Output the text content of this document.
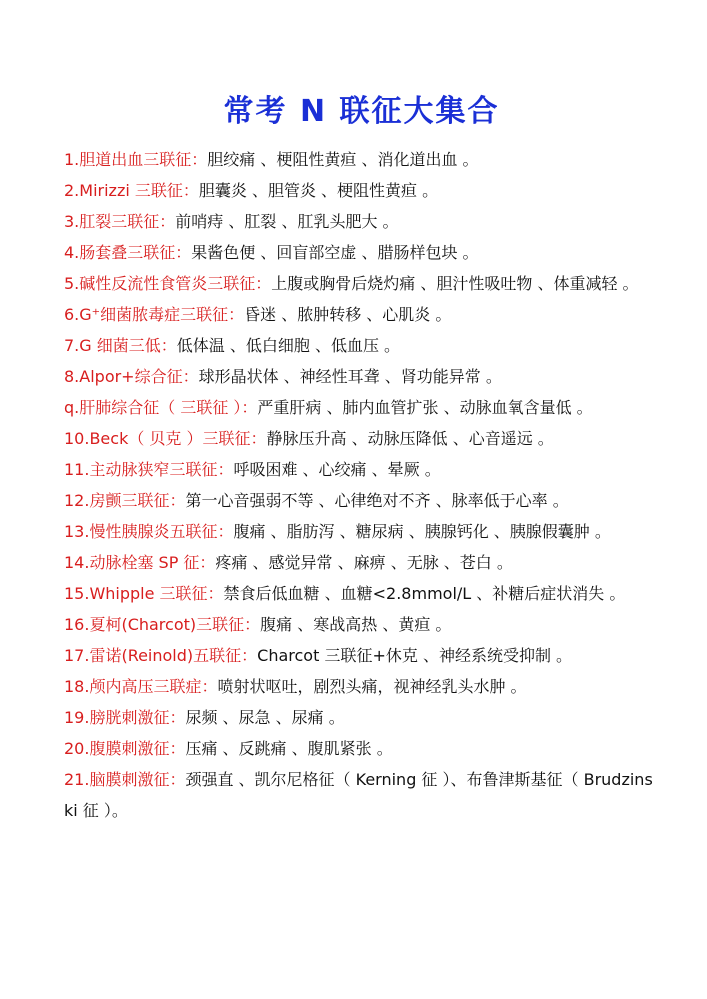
常考 N 联征大集合
1.胆道出血三联征：胆绞痛 、梗阻性黄疸 、消化道出血 。
2.Mirizzi 三联征：胆囊炎 、胆管炎 、梗阻性黄疸 。
3.肛裂三联征：前哨痔 、肛裂 、肛乳头肥大 。
4.肠套叠三联征：果酱色便 、回盲部空虚 、腊肠样包块 。
5.碱性反流性食管炎三联征：上腹或胸骨后烧灼痛 、胆汁性吸吐物 、体重减轻 。
6.G⁺细菌脓毒症三联征：昏迷 、脓肿转移 、心肌炎 。
7.G 细菌三低：低体温 、低白细胞 、低血压 。
8.Alpor+综合征：球形晶状体 、神经性耳聋 、肾功能异常 。
q.肝肺综合征（ 三联征 ）：严重肝病 、肺内血管扩张 、动脉血氧含量低 。
10.Beck（ 贝克 ）三联征：静脉压升高 、动脉压降低 、心音遥远 。
11.主动脉狭窄三联征：呼吸困难 、心绞痛 、晕厥 。
12.房颤三联征：第一心音强弱不等 、心律绝对不齐 、脉率低于心率 。
13.慢性胰腺炎五联征：腹痛 、脂肪泻 、糖尿病 、胰腺钙化 、胰腺假囊肿 。
14.动脉栓塞 SP 征：疼痛 、感觉异常 、麻痹 、无脉 、苍白 。
15.Whipple 三联征：禁食后低血糖 、血糖<2.8mmol/L 、补糖后症状消失 。
16.夏柯(Charcot)三联征：腹痛 、寒战高热 、黄疸 。
17.雷诺(Reinold)五联征：Charcot 三联征+休克 、神经系统受抑制 。
18.颅内高压三联症：喷射状呕吐，剧烈头痛，视神经乳头水肿 。
19.膀胱刺激征：尿频 、尿急 、尿痛 。
20.腹膜刺激征：压痛 、反跳痛 、腹肌紧张 。
21.脑膜刺激征：颈强直 、凯尔尼格征（ Kerning 征 ）、布鲁津斯基征（ Brudzinski 征 ）。
